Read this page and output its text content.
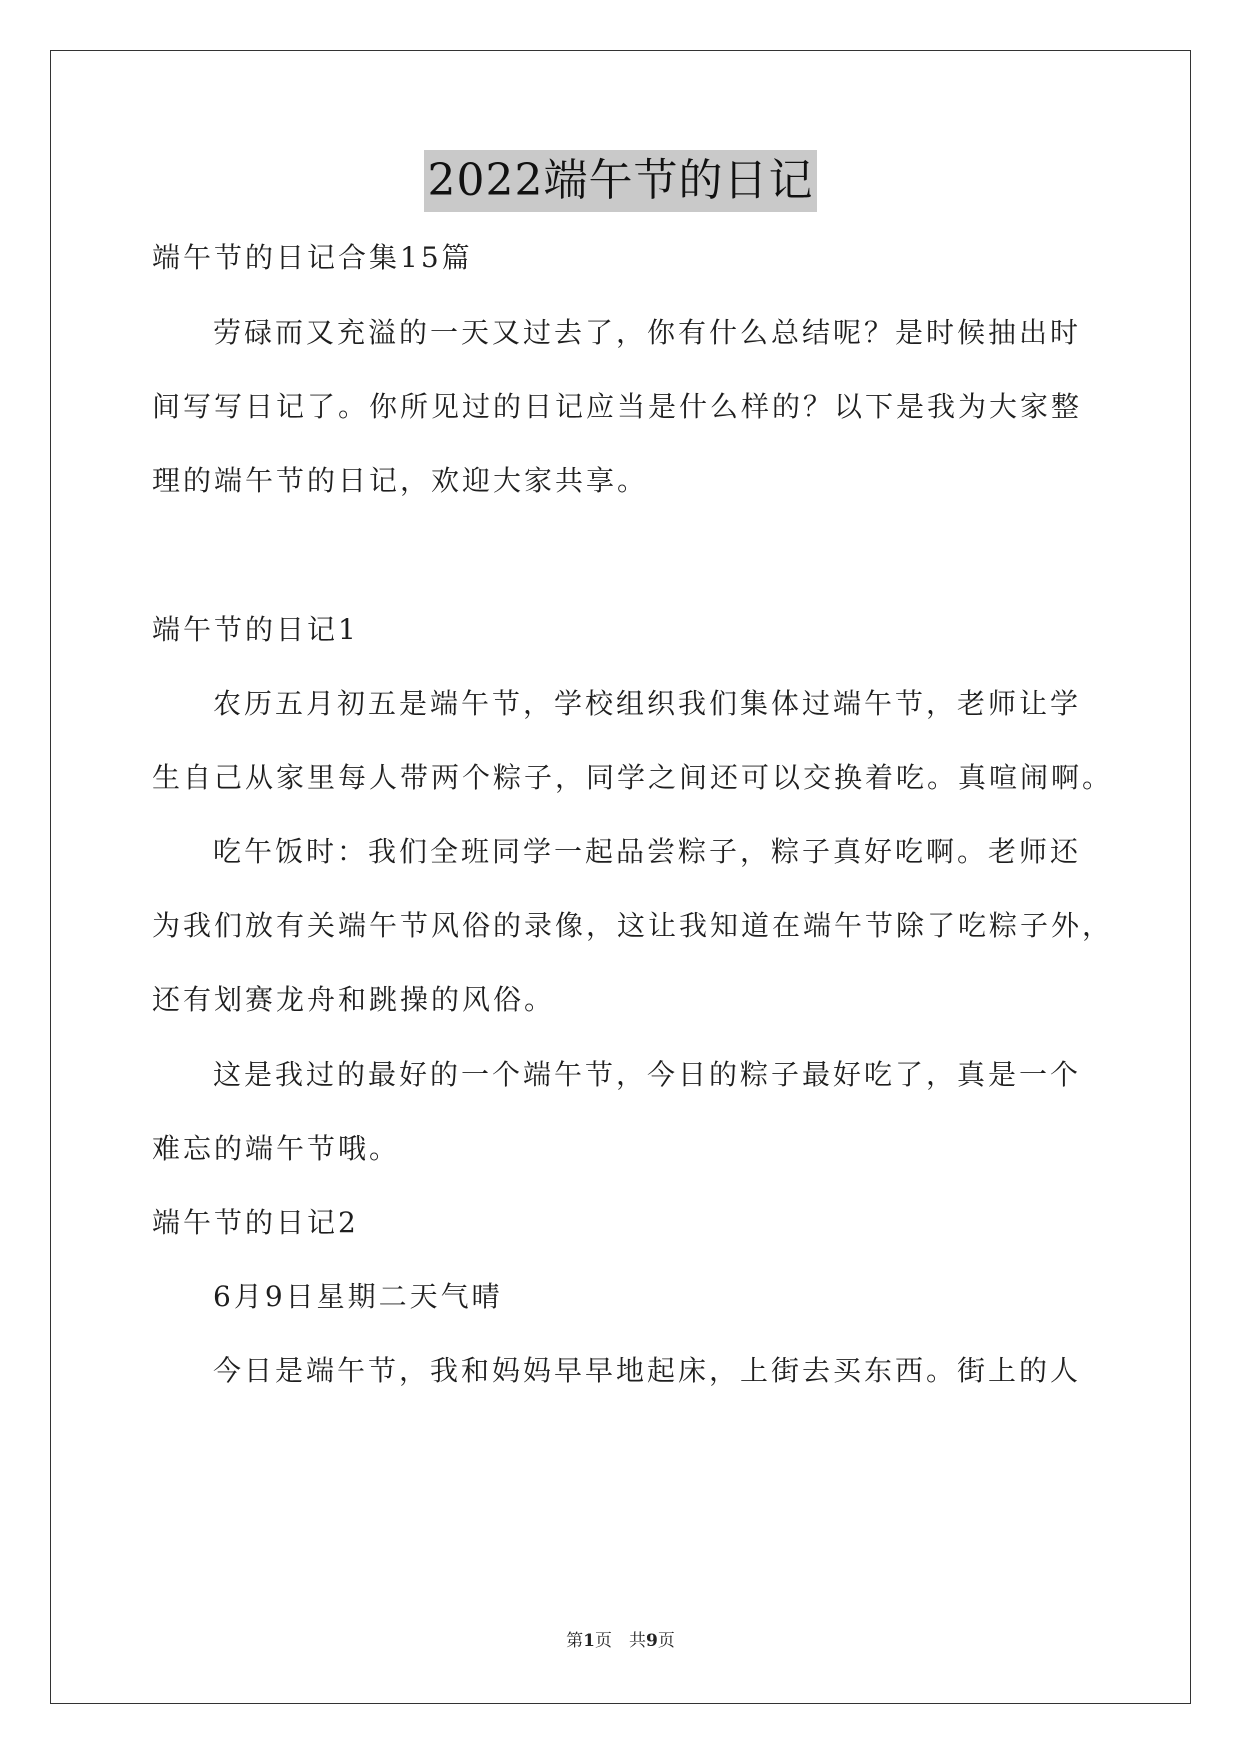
2022端午节的日记
端午节的日记合集15篇
劳碌而又充溢的一天又过去了，你有什么总结呢？是时候抽出时
间写写日记了。你所见过的日记应当是什么样的？以下是我为大家整
理的端午节的日记，欢迎大家共享。
端午节的日记1
农历五月初五是端午节，学校组织我们集体过端午节，老师让学
生自己从家里每人带两个粽子，同学之间还可以交换着吃。真喧闹啊。
吃午饭时：我们全班同学一起品尝粽子，粽子真好吃啊。老师还
为我们放有关端午节风俗的录像，这让我知道在端午节除了吃粽子外，
还有划赛龙舟和跳操的风俗。
这是我过的最好的一个端午节，今日的粽子最好吃了，真是一个
难忘的端午节哦。
端午节的日记2
6月9日星期二天气晴
今日是端午节，我和妈妈早早地起床，上街去买东西。街上的人
第1页　共9页
